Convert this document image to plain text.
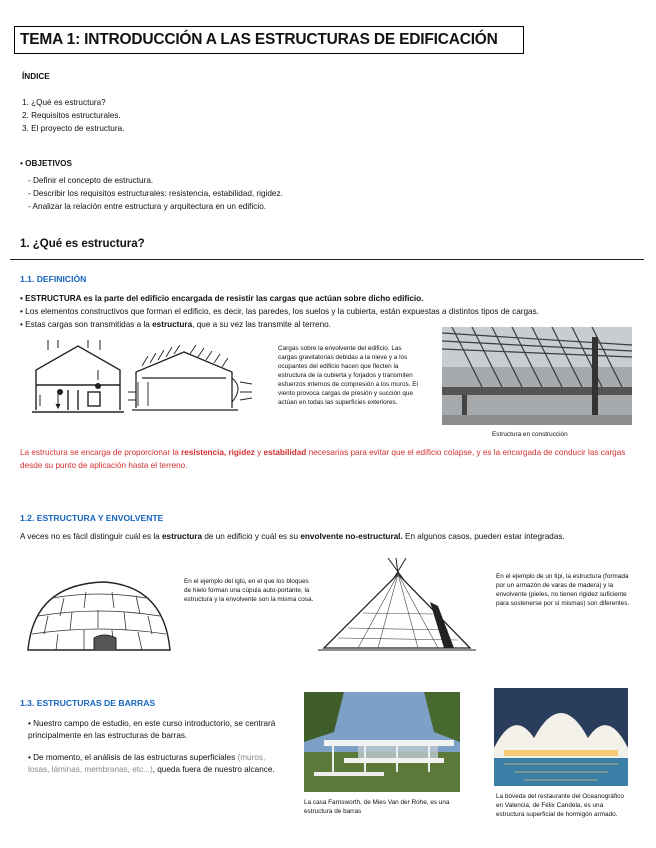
TEMA 1: INTRODUCCIÓN A LAS ESTRUCTURAS DE EDIFICACIÓN
ÍNDICE
1. ¿Qué es estructura?
2. Requisitos estructurales.
3. El proyecto de estructura.
• OBJETIVOS
- Definir el concepto de estructura.
- Describir los requisitos estructurales: resistencia, estabilidad, rigidez.
- Analizar la relación entre estructura y arquitectura en un edificio.
1. ¿Qué es estructura?
1.1. DEFINICIÓN
• ESTRUCTURA es la parte del edificio encargada de resistir las cargas que actúan sobre dicho edificio.
• Los elementos constructivos que forman el edificio, es decir, las paredes, los suelos y la cubierta, están expuestas a distintos tipos de cargas.
• Estas cargas son transmitidas a la estructura, que a su vez las transmite al terreno.
Cargas sobre la envolvente del edificio. Las cargas gravitatorias debidas a la nieve y a los ocupantes del edificio hacen que flecten la estructura de la cubierta y forjados y transmiten esfuerzos internos de compresión a los muros. El viento provoca cargas de presión y succión que actúan en todas las superficies exteriores.
Estructura en construcción
La estructura se encarga de proporcionar la resistencia, rigidez y estabilidad necesarias para evitar que el edificio colapse, y es la encargada de conducir las cargas desde su punto de aplicación hasta el terreno.
1.2. ESTRUCTURA Y ENVOLVENTE
A veces no es fácil distinguir cuál es la estructura de un edificio y cuál es su envolvente no-estructural. En algunos casos, pueden estar integradas.
En el ejemplo del iglú, en el que los bloques de hielo forman una cúpula auto-portante, la estructura y la envolvente son la misma cosa.
En el ejemplo de un tipi, la estructura (formada por un armazón de varas de madera) y la envolvente (pieles, no tienen rigidez suficiente para sostenerse por sí mismas) son diferentes.
1.3. ESTRUCTURAS DE BARRAS
• Nuestro campo de estudio, en este curso introductorio, se centrará principalmente en las estructuras de barras.
• De momento, el análisis de las estructuras superficiales (muros, losas, láminas, membranas, etc...), queda fuera de nuestro alcance.
La casa Farnsworth, de Mies Van der Rohe, es una estructura de barras
La bóveda del restaurante del Oceanográfico en Valencia, de Félix Candela, es una estructura superficial de hormigón armado.
